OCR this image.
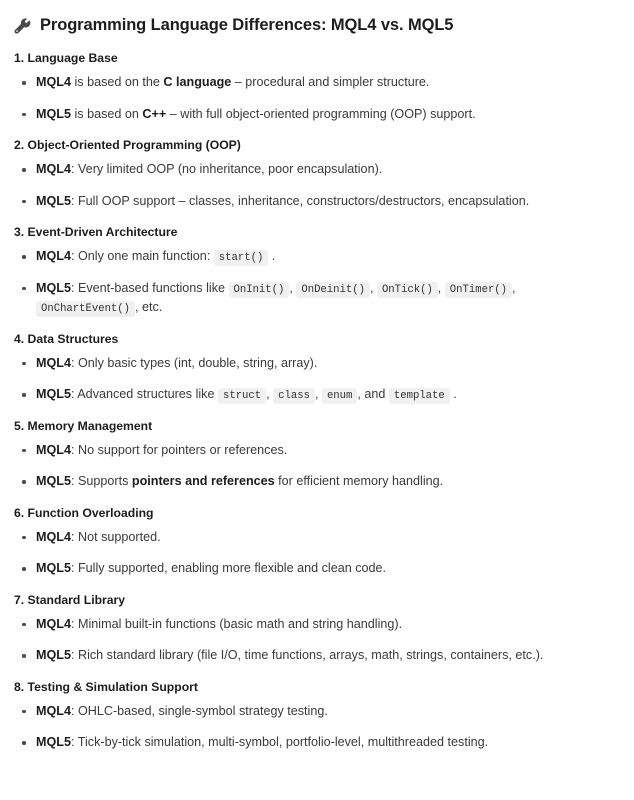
Programming Language Differences: MQL4 vs. MQL5
1. Language Base
MQL4 is based on the C language – procedural and simpler structure.
MQL5 is based on C++ – with full object-oriented programming (OOP) support.
2. Object-Oriented Programming (OOP)
MQL4: Very limited OOP (no inheritance, poor encapsulation).
MQL5: Full OOP support – classes, inheritance, constructors/destructors, encapsulation.
3. Event-Driven Architecture
MQL4: Only one main function: start() .
MQL5: Event-based functions like OnInit() , OnDeinit() , OnTick() , OnTimer() , OnChartEvent() , etc.
4. Data Structures
MQL4: Only basic types (int, double, string, array).
MQL5: Advanced structures like struct , class , enum , and template .
5. Memory Management
MQL4: No support for pointers or references.
MQL5: Supports pointers and references for efficient memory handling.
6. Function Overloading
MQL4: Not supported.
MQL5: Fully supported, enabling more flexible and clean code.
7. Standard Library
MQL4: Minimal built-in functions (basic math and string handling).
MQL5: Rich standard library (file I/O, time functions, arrays, math, strings, containers, etc.).
8. Testing & Simulation Support
MQL4: OHLC-based, single-symbol strategy testing.
MQL5: Tick-by-tick simulation, multi-symbol, portfolio-level, multithreaded testing.
